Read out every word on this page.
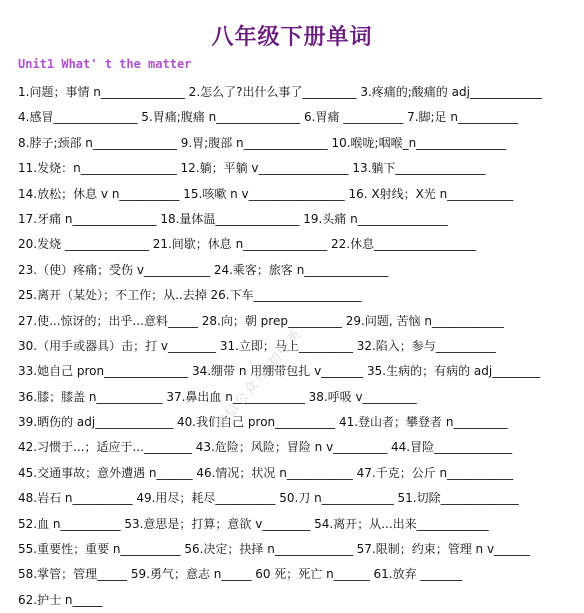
八年级下册单词
Unit1 What' t the matter
1.问题；事情 n______________ 2.怎么了?出什么事了_________ 3.疼痛的;酸痛的 adj____________
4.感冒______________ 5.胃痛;腹痛 n______________ 6.胃痛 __________ 7.脚;足 n__________
8.脖子;颈部 n______________ 9.胃;腹部 n______________ 10.喉咙;咽喉_n_______________
11.发烧：n________________ 12.躺；平躺 v_______________ 13.躺下_______________
14.放松；休息 v n__________ 15.咳嗽 n v________________ 16. X射线；X光 n___________
17.牙痛 n______________ 18.量体温______________ 19.头痛 n_______________
20.发烧 ______________ 21.间歇；休息 n______________ 22.休息_________________
23.（使）疼痛；受伤 v___________ 24.乘客；旅客 n______________
25.离开（某处）；不工作；从..去掉 26.下车__________________
27.使...惊讶的；出乎...意料_____ 28.向；朝 prep_________ 29.问题, 苦恼 n____________
30.（用手或器具）击；打 v________ 31.立即；马上_________ 32.陷入；参与__________
33.她自己 pron______________ 34.绷带 n 用绷带包扎 v_______ 35.生病的；有病的 adj________
36.膝；膝盖 n___________ 37.鼻出血 n____________ 38.呼吸 v_________
39.晒伤的 adj_____________ 40.我们自己 pron__________ 41.登山者；攀登者 n_________
42.习惯于...；适应于...________ 43.危险；风险；冒险 n v_________ 44.冒险_____________
45.交通事故；意外遭遇 n______ 46.情况；状况 n___________ 47.千克；公斤 n___________
48.岩石 n__________ 49.用尽；耗尽__________ 50.刀 n____________ 51.切除_____________
52.血 n__________ 53.意思是；打算；意欲 v________ 54.离开；从...出来____________
55.重要性；重要 n__________ 56.决定；抉择 n_____________ 57.限制；约束；管理 n v______
58.掌管；管理_____ 59.勇气；意志 n_____ 60 死；死亡 n______ 61.放弃 _______
62.护士 n_____
微信公众号 初中英
